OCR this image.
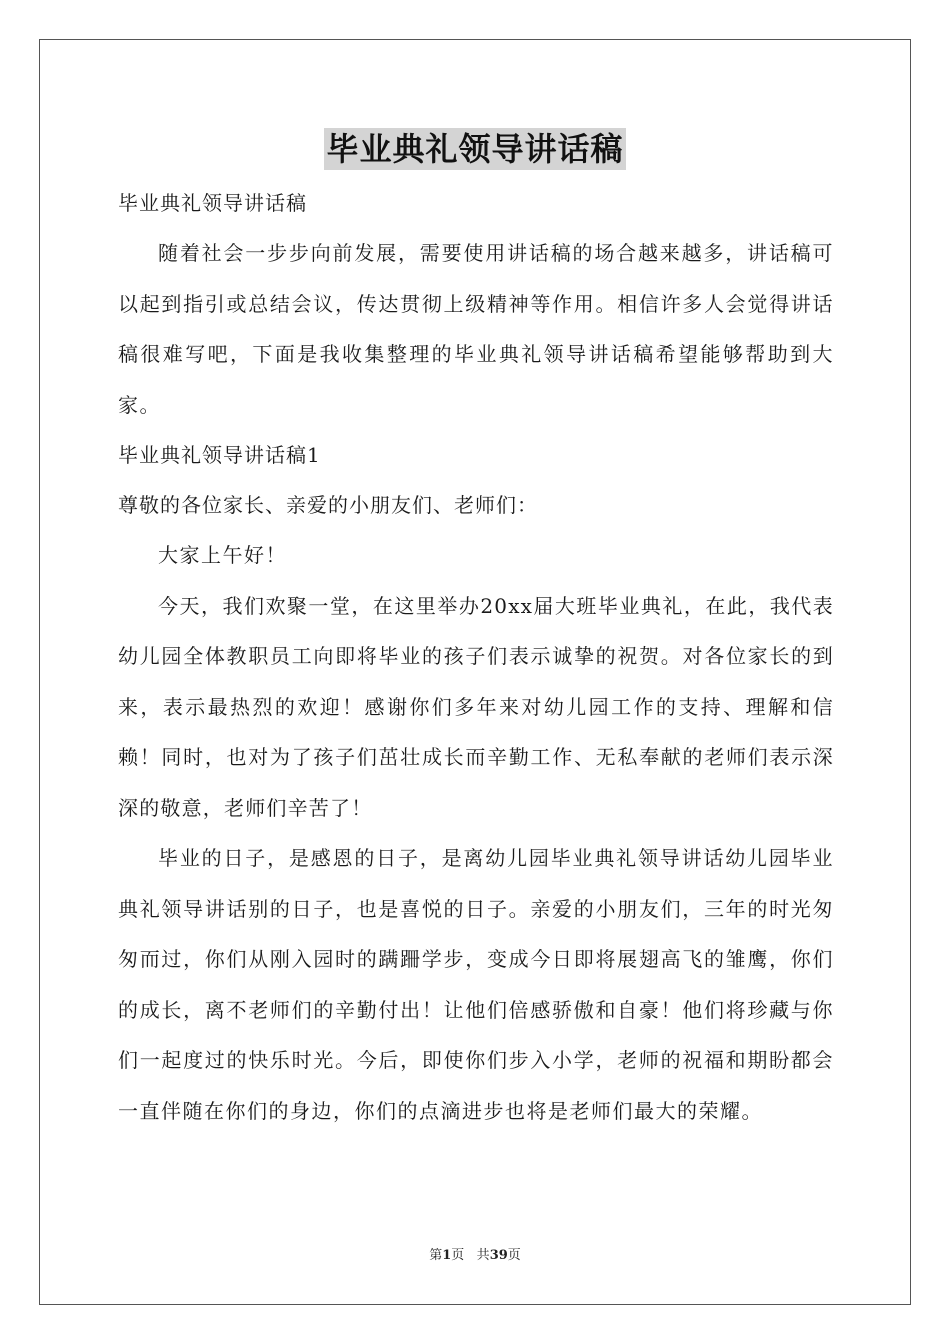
毕业典礼领导讲话稿
毕业典礼领导讲话稿

随着社会一步步向前发展，需要使用讲话稿的场合越来越多，讲话稿可以起到指引或总结会议，传达贯彻上级精神等作用。相信许多人会觉得讲话稿很难写吧，下面是我收集整理的毕业典礼领导讲话稿希望能够帮助到大家。

毕业典礼领导讲话稿1
尊敬的各位家长、亲爱的小朋友们、老师们：

大家上午好！

今天，我们欢聚一堂，在这里举办20xx届大班毕业典礼，在此，我代表幼儿园全体教职员工向即将毕业的孩子们表示诚挚的祝贺。对各位家长的到来，表示最热烈的欢迎！感谢你们多年来对幼儿园工作的支持、理解和信赖！同时，也对为了孩子们茁壮成长而辛勤工作、无私奉献的老师们表示深深的敬意，老师们辛苦了！

毕业的日子，是感恩的日子，是离幼儿园毕业典礼领导讲话幼儿园毕业典礼领导讲话别的日子，也是喜悦的日子。亲爱的小朋友们，三年的时光匆匆而过，你们从刚入园时的蹒跚学步，变成今日即将展翅高飞的雏鹰，你们的成长，离不老师们的辛勤付出！让他们倍感骄傲和自豪！他们将珍藏与你们一起度过的快乐时光。今后，即使你们步入小学，老师的祝福和期盼都会一直伴随在你们的身边，你们的点滴进步也将是老师们最大的荣耀。

第1页 共39页
